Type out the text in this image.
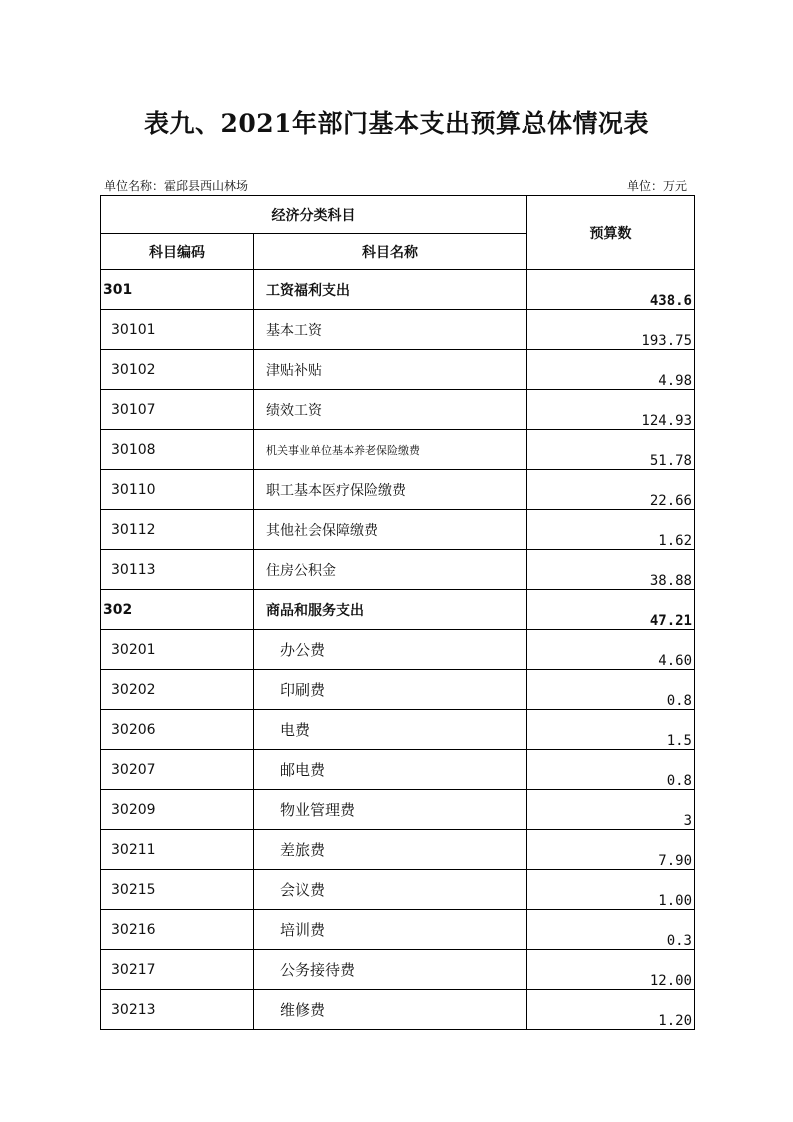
表九、2021年部门基本支出预算总体情况表
单位名称：霍邱县西山林场	单位：万元
经济分类科目		预算数
科目编码	科目名称	
301	工资福利支出	438.6
30101	基本工资	193.75
30102	津贴补贴	4.98
30107	绩效工资	124.93
30108	机关事业单位基本养老保险缴费	51.78
30110	职工基本医疗保险缴费	22.66
30112	其他社会保障缴费	1.62
30113	住房公积金	38.88
302	商品和服务支出	47.21
30201	办公费	4.60
30202	印刷费	0.8
30206	电费	1.5
30207	邮电费	0.8
30209	物业管理费	3
30211	差旅费	7.90
30215	会议费	1.00
30216	培训费	0.3
30217	公务接待费	12.00
30213	维修费	1.20
